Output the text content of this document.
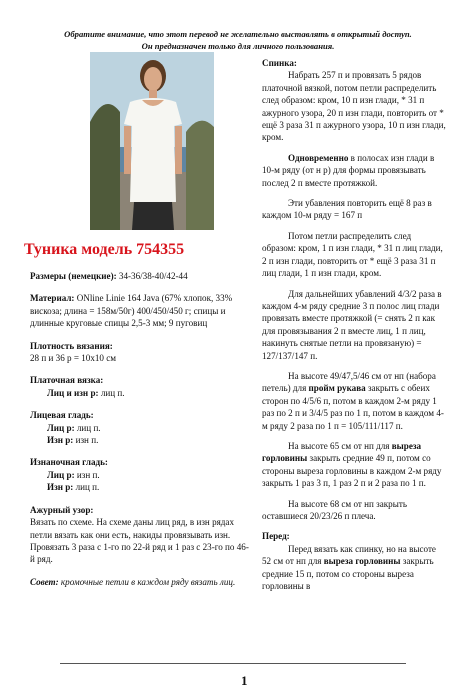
Обратите внимание, что этот перевод не желательно выставлять в открытый доступ. Он предназначен только для личного пользования.
Туника модель 754355
Размеры (немецкие): 34-36/38-40/42-44
Материал: ONline Linie 164 Java (67% хлопок, 33% вискоза; длина = 158м/50г) 400/450/450 г; спицы и длинные круговые спицы 2,5-3 мм; 9 пуговиц
Плотность вязания:
28 п и 36 р = 10х10 см
Платочная вязка:
Лиц и изн р: лиц п.
Лицевая гладь:
Лиц р: лиц п.
Изн р: изн п.
Изнаночная гладь:
Лиц р: изн п.
Изн р: лиц п.
Ажурный узор:
Вязать по схеме. На схеме даны лиц ряд, в изн рядах петли вязать как они есть, накиды провязывать изн.
Провязать 3 раза с 1-го по 22-й ряд и 1 раз с 23-го по 46-й ряд.
Совет: кромочные петли в каждом ряду вязать лиц.
Спинка:
Набрать 257 п и провязать 5 рядов платочной вязкой, потом петли распределить след образом: кром, 10 п изн глади, * 31 п ажурного узора, 20 п изн глади, повторить от * ещё 3 раза 31 п ажурного узора, 10 п изн глади, кром.
Одновременно в полосах изн глади в 10-м ряду (от н р) для формы провязывать послед 2 п вместе протяжкой.
Эти убавления повторить ещё 8 раз в каждом 10-м ряду = 167 п
Потом петли распределить след образом: кром, 1 п изн глади, * 31 п лиц глади, 2 п изн глади, повторить от * ещё 3 раза 31 п лиц глади, 1 п изн глади, кром.
Для дальнейших убавлений 4/3/2 раза в каждом 4-м ряду средние 3 п полос лиц глади провязать вместе протяжкой (= снять 2 п как для провязывания 2 п вместе лиц, 1 п лиц, накинуть снятые петли на провязаную) = 127/137/147 п.
На высоте 49/47,5/46 см от нп (набора петель) для пройм рукава закрыть с обеих сторон по 4/5/6 п, потом в каждом 2-м ряду 1 раз по 2 п и 3/4/5 раз по 1 п, потом в каждом 4-м ряду 2 раза по 1 п = 105/111/117 п.
На высоте 65 см от нп для выреза горловины закрыть средние 49 п, потом со стороны выреза горловины в каждом 2-м ряду закрыть 1 раз 3 п, 1 раз 2 п и 2 раза по 1 п.
На высоте 68 см от нп закрыть оставшиеся 20/23/26 п плеча.
Перед:
Перед вязать как спинку, но на высоте 52 см от нп для выреза горловины закрыть средние 15 п, потом со стороны выреза горловины в
1
